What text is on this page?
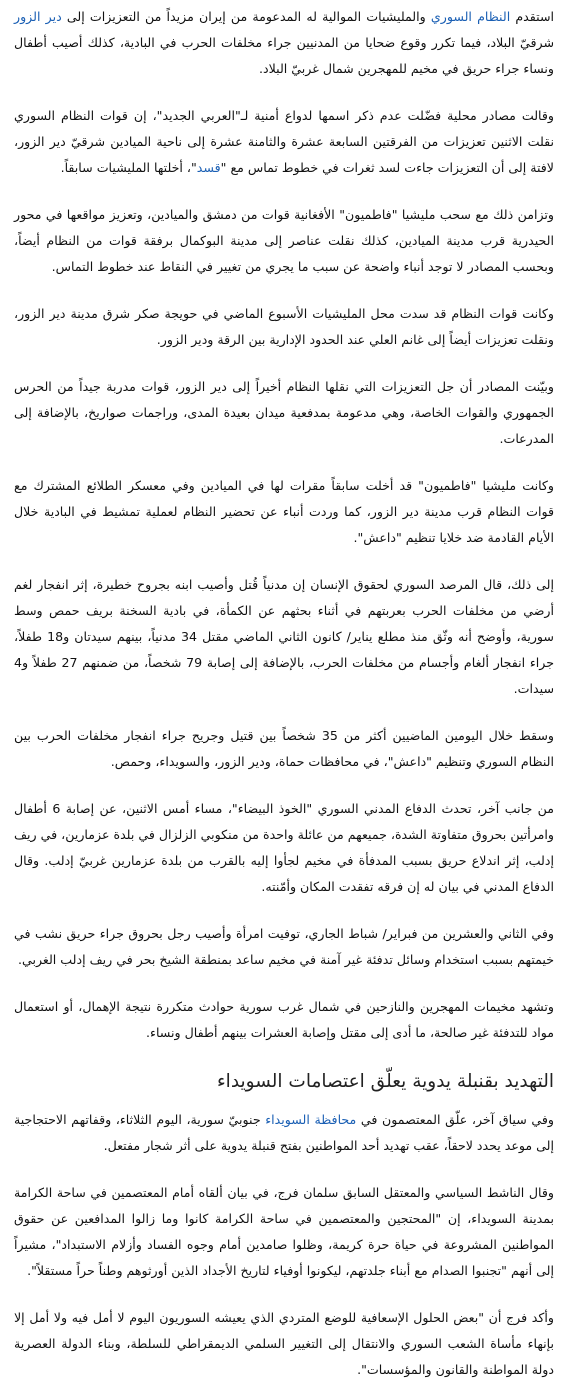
استقدم النظام السوري والمليشيات الموالية له المدعومة من إيران مزيداً من التعزيزات إلى دير الزور شرقيّ البلاد، فيما تكرر وقوع ضحايا من المدنيين جراء مخلفات الحرب في البادية، كذلك أصيب أطفال ونساء جراء حريق في مخيم للمهجرين شمال غربيّ البلاد.

وقالت مصادر محلية فضّلت عدم ذكر اسمها لدواع أمنية لـ"العربي الجديد"، إن قوات النظام السوري نقلت الاثنين تعزيزات من الفرقتين السابعة عشرة والثامنة عشرة إلى ناحية الميادين شرقيّ دير الزور، لافتة إلى أن التعزيزات جاءت لسد ثغرات في خطوط تماس مع "قسد"، أخلتها المليشيات سابقاً.

وتزامن ذلك مع سحب مليشيا "فاطميون" الأفغانية قوات من دمشق والميادين، وتعزيز مواقعها في محور الحيدرية قرب مدينة الميادين، كذلك نقلت عناصر إلى مدينة البوكمال برفقة قوات من النظام أيضاً، وبحسب المصادر لا توجد أنباء واضحة عن سبب ما يجري من تغيير في النقاط عند خطوط التماس.

وكانت قوات النظام قد سدت محل المليشيات الأسبوع الماضي في حويجة صكر شرق مدينة دير الزور، ونقلت تعزيزات أيضاً إلى غانم العلي عند الحدود الإدارية بين الرقة ودير الزور.

وبيّنت المصادر أن جل التعزيزات التي نقلها النظام أخيراً إلى دير الزور، قوات مدربة جيداً من الحرس الجمهوري والقوات الخاصة، وهي مدعومة بمدفعية ميدان بعيدة المدى، وراجمات صواريخ، بالإضافة إلى المدرعات.

وكانت مليشيا "فاطميون" قد أخلت سابقاً مقرات لها في الميادين وفي معسكر الطلائع المشترك مع قوات النظام قرب مدينة دير الزور، كما وردت أنباء عن تحضير النظام لعملية تمشيط في البادية خلال الأيام القادمة ضد خلايا تنظيم "داعش".

إلى ذلك، قال المرصد السوري لحقوق الإنسان إن مدنياً قُتل وأصيب ابنه بجروح خطيرة، إثر انفجار لغم أرضي من مخلفات الحرب بعربتهم في أثناء بحثهم عن الكمأة، في بادية السخنة بريف حمص وسط سورية، وأوضح أنه وثّق منذ مطلع يناير/ كانون الثاني الماضي مقتل 34 مدنياً، بينهم سيدتان و18 طفلاً، جراء انفجار ألغام وأجسام من مخلفات الحرب، بالإضافة إلى إصابة 79 شخصاً، من ضمنهم 27 طفلاً و4 سيدات.

وسقط خلال اليومين الماضيين أكثر من 35 شخصاً بين قتيل وجريح جراء انفجار مخلفات الحرب بين النظام السوري وتنظيم "داعش"، في محافظات حماة، ودير الزور، والسويداء، وحمص.

من جانب آخر، تحدث الدفاع المدني السوري "الخوذ البيضاء"، مساء أمس الاثنين، عن إصابة 6 أطفال وامرأتين بحروق متفاوتة الشدة، جميعهم من عائلة واحدة من منكوبي الزلزال في بلدة عزمارين، في ريف إدلب، إثر اندلاع حريق بسبب المدفأة في مخيم لجأوا إليه بالقرب من بلدة عزمارين غربيّ إدلب. وقال الدفاع المدني في بيان له إن فرقه تفقدت المكان وأمّنته.

وفي الثاني والعشرين من فبراير/ شباط الجاري، توفيت امرأة وأصيب رجل بحروق جراء حريق نشب في خيمتهم بسبب استخدام وسائل تدفئة غير آمنة في مخيم ساعد بمنطقة الشيخ بحر في ريف إدلب الغربي.

وتشهد مخيمات المهجرين والنازحين في شمال غرب سورية حوادث متكررة نتيجة الإهمال، أو استعمال مواد للتدفئة غير صالحة، ما أدى إلى مقتل وإصابة العشرات بينهم أطفال ونساء.

التهديد بقنبلة يدوية يعلّق اعتصامات السويداء

وفي سياق آخر، علّق المعتصمون في محافظة السويداء جنوبيّ سورية، اليوم الثلاثاء، وقفاتهم الاحتجاجية إلى موعد يحدد لاحقاً، عقب تهديد أحد المواطنين بفتح قنبلة يدوية على أثر شجار مفتعل.

وقال الناشط السياسي والمعتقل السابق سلمان فرج، في بيان ألقاه أمام المعتصمين في ساحة الكرامة بمدينة السويداء، إن "المحتجين والمعتصمين في ساحة الكرامة كانوا وما زالوا المدافعين عن حقوق المواطنين المشروعة في حياة حرة كريمة، وظلوا صامدين أمام وجوه الفساد وأزلام الاستبداد"، مشيراً إلى أنهم "تجنبوا الصدام مع أبناء جلدتهم، ليكونوا أوفياء لتاريخ الأجداد الذين أورثوهم وطناً حراً مستقلاً".

وأكد فرج أن "بعض الحلول الإسعافية للوضع المتردي الذي يعيشه السوريون اليوم لا أمل فيه ولا أمل إلا بإنهاء مأساة الشعب السوري والانتقال إلى التغيير السلمي الديمقراطي للسلطة، وبناء الدولة العصرية دولة المواطنة والقانون والمؤسسات".
